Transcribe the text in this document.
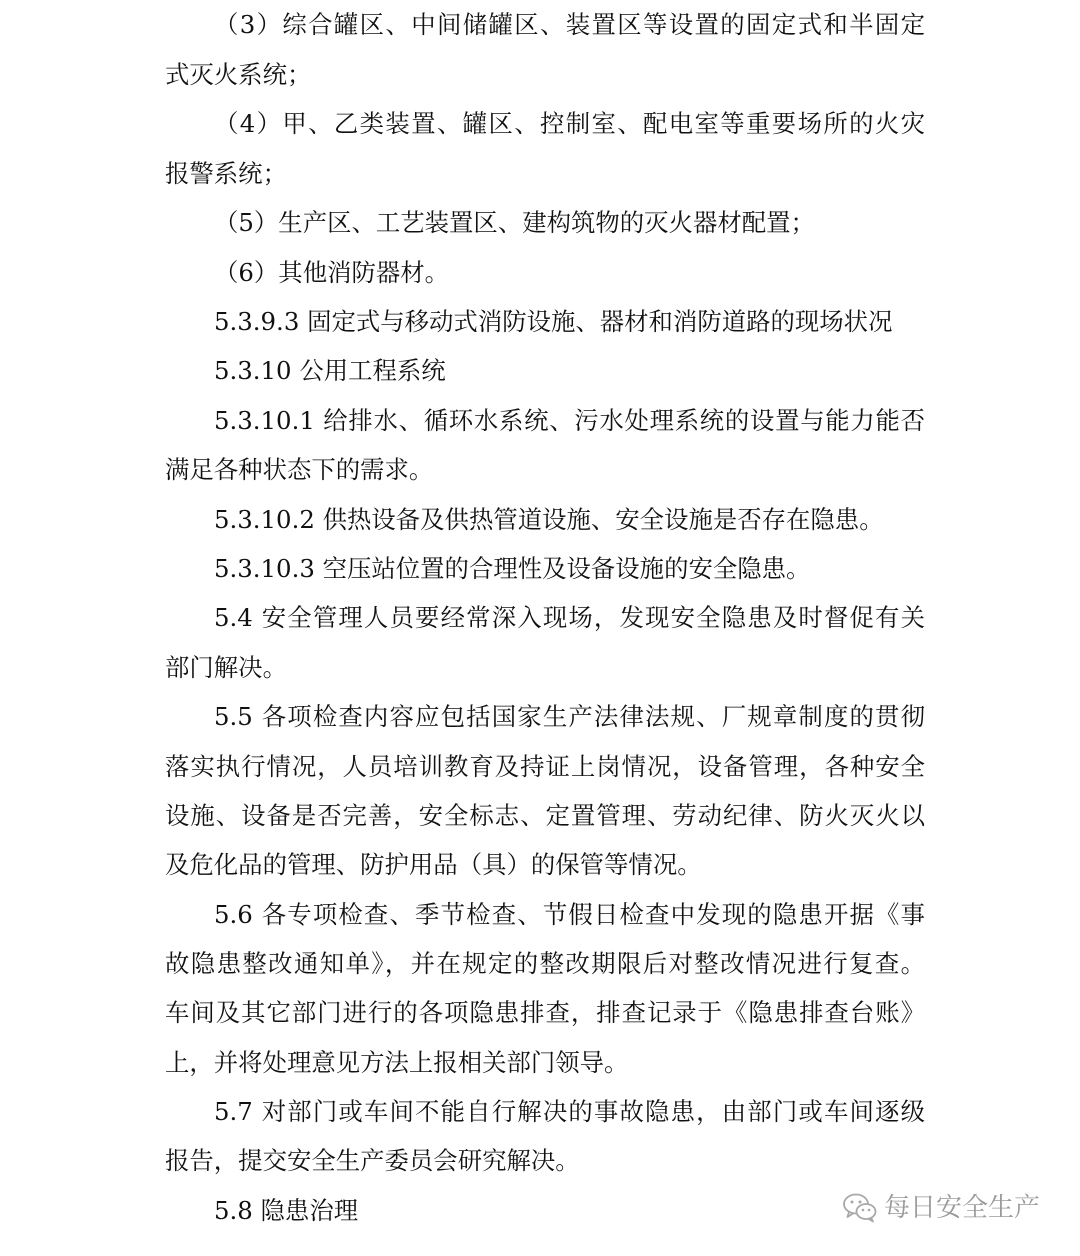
（3）综合罐区、中间储罐区、装置区等设置的固定式和半固定
式灭火系统；
（4）甲、乙类装置、罐区、控制室、配电室等重要场所的火灾
报警系统；
（5）生产区、工艺装置区、建构筑物的灭火器材配置；
（6）其他消防器材。
5.3.9.3 固定式与移动式消防设施、器材和消防道路的现场状况
5.3.10 公用工程系统
5.3.10.1 给排水、循环水系统、污水处理系统的设置与能力能否
满足各种状态下的需求。
5.3.10.2 供热设备及供热管道设施、安全设施是否存在隐患。
5.3.10.3 空压站位置的合理性及设备设施的安全隐患。
5.4 安全管理人员要经常深入现场，发现安全隐患及时督促有关
部门解决。
5.5 各项检查内容应包括国家生产法律法规、厂规章制度的贯彻
落实执行情况，人员培训教育及持证上岗情况，设备管理，各种安全
设施、设备是否完善，安全标志、定置管理、劳动纪律、防火灭火以
及危化品的管理、防护用品（具）的保管等情况。
5.6 各专项检查、季节检查、节假日检查中发现的隐患开据《事
故隐患整改通知单》，并在规定的整改期限后对整改情况进行复查。
车间及其它部门进行的各项隐患排查，排查记录于《隐患排查台账》
上，并将处理意见方法上报相关部门领导。
5.7 对部门或车间不能自行解决的事故隐患，由部门或车间逐级
报告，提交安全生产委员会研究解决。
5.8 隐患治理	每日安全生产
